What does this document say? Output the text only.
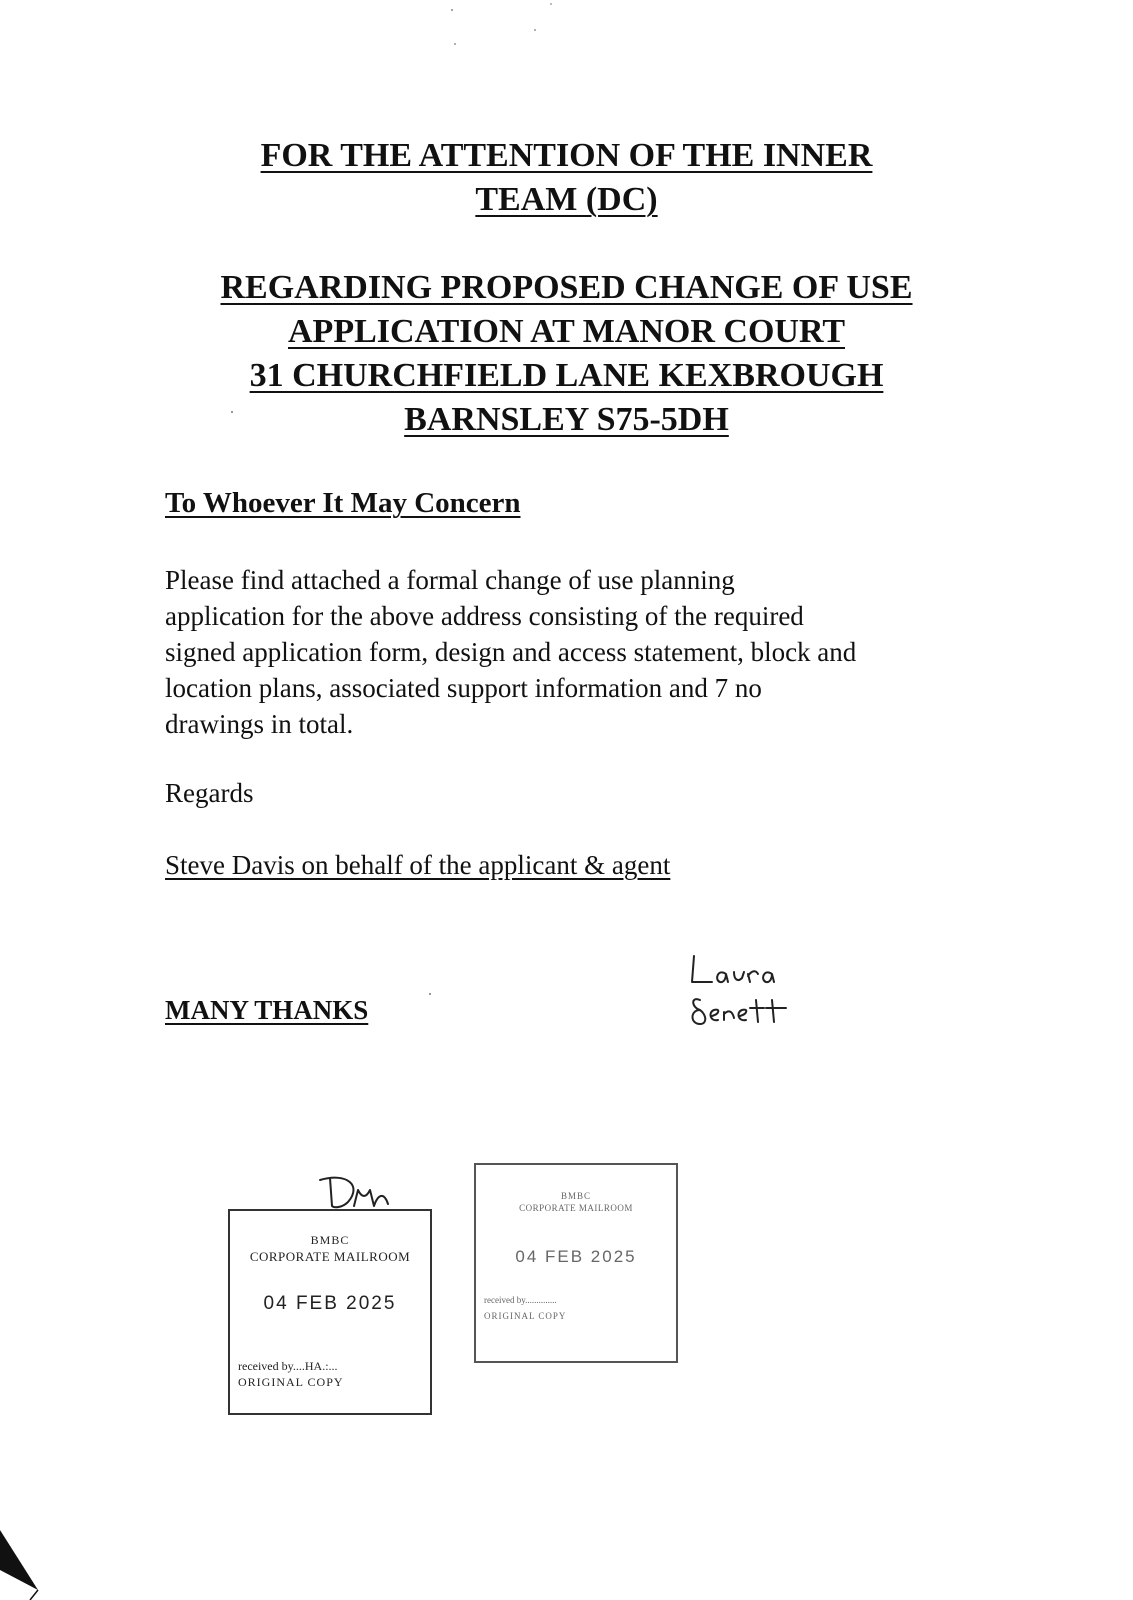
FOR THE ATTENTION OF THE INNER
TEAM (DC)
REGARDING PROPOSED CHANGE OF USE
APPLICATION AT MANOR COURT
31 CHURCHFIELD LANE KEXBROUGH
BARNSLEY S75-5DH
To Whoever It May Concern

Please find attached a formal change of use planning
application for the above address consisting of the required
signed application form, design and access statement, block and
location plans, associated support information and 7 no
drawings in total.

Regards
Steve Davis on behalf of the applicant & agent
MANY THANKS
BMBC
CORPORATE MAILROOM
04 FEB 2025
received by....HA.:...
ORIGINAL COPY
BMBC
CORPORATE MAILROOM
04 FEB 2025
received by..............
ORIGINAL COPY
